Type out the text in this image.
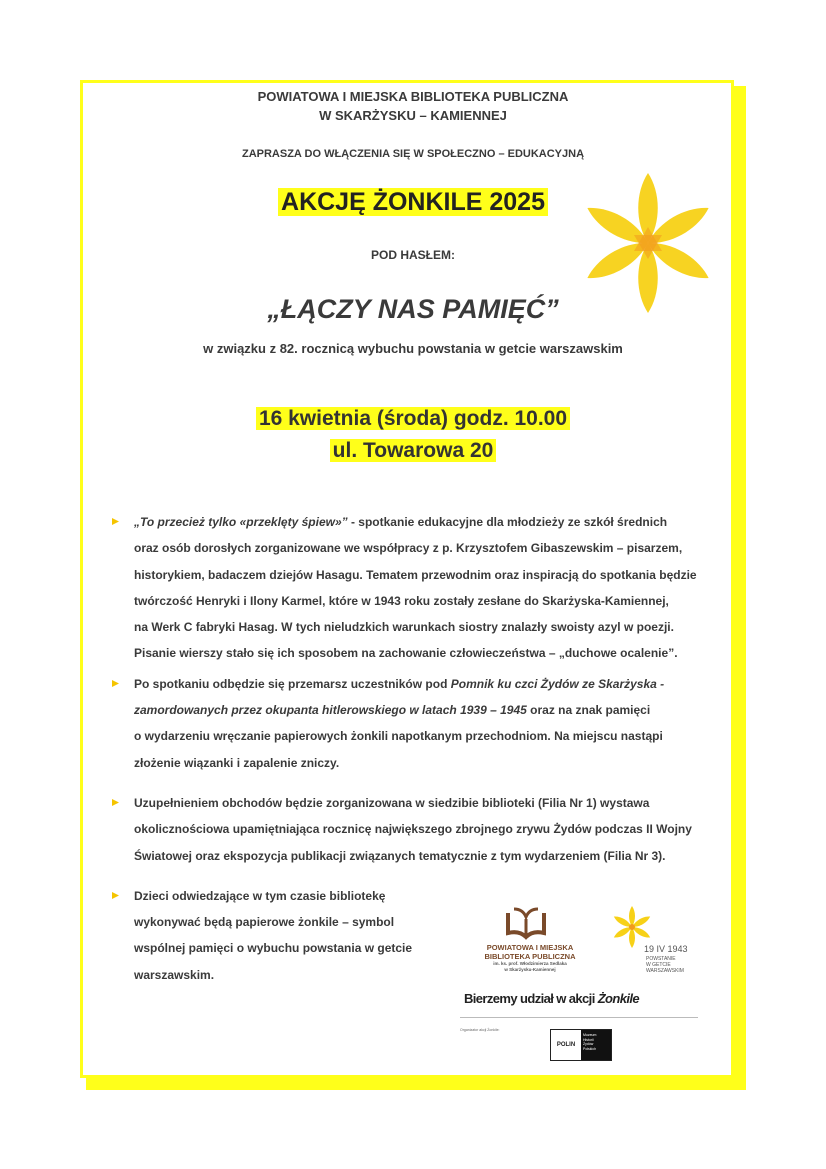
POWIATOWA I MIEJSKA BIBLIOTEKA PUBLICZNA
W SKARŻYSKU – KAMIENNEJ
ZAPRASZA DO WŁĄCZENIA SIĘ W SPOŁECZNO – EDUKACYJNĄ
AKCJĘ ŻONKILE 2025
POD HASŁEM:
„ŁĄCZY NAS PAMIĘĆ”
w związku z 82. rocznicą wybuchu powstania w getcie warszawskim
16 kwietnia (środa) godz. 10.00
ul. Towarowa 20
„To przecież tylko «przeklęty śpiew»” - spotkanie edukacyjne dla młodzieży ze szkół średnich
oraz osób dorosłych zorganizowane we współpracy z p. Krzysztofem Gibaszewskim – pisarzem,
historykiem, badaczem dziejów Hasagu. Tematem przewodnim oraz inspiracją do spotkania będzie
twórczość Henryki i Ilony Karmel, które w 1943 roku zostały zesłane do Skarżyska-Kamiennej,
na Werk C fabryki Hasag. W tych nieludzkich warunkach siostry znalazły swoisty azyl w poezji.
Pisanie wierszy stało się ich sposobem na zachowanie człowieczeństwa – „duchowe ocalenie”.
Po spotkaniu odbędzie się przemarsz uczestników pod Pomnik ku czci Żydów ze Skarżyska -
zamordowanych przez okupanta hitlerowskiego w latach 1939 – 1945 oraz na znak pamięci
o wydarzeniu wręczanie papierowych żonkili napotkanym przechodniom. Na miejscu nastąpi
złożenie wiązanki i zapalenie zniczy.
Uzupełnieniem obchodów będzie zorganizowana w siedzibie biblioteki (Filia Nr 1) wystawa
okolicznościowa upamiętniająca rocznicę największego zbrojnego zrywu Żydów podczas II Wojny
Światowej oraz ekspozycja publikacji związanych tematycznie z tym wydarzeniem (Filia Nr 3).
Dzieci odwiedzające w tym czasie bibliotekę
wykonywać będą papierowe żonkile – symbol
wspólnej pamięci o wybuchu powstania w getcie
warszawskim.
POWIATOWA I MIEJSKA
BIBLIOTEKA PUBLICZNA
im. ks. prof. Włodzimierza Sedlaka
w Skarżysku-Kamiennej
19 IV 1943
POWSTANIE
W GETCIE
WARSZAWSKIM
Bierzemy udział w akcji Żonkile
Organizator akcji Żonkile:
POLIN
Muzeum
Historii
Żydów
Polskich
